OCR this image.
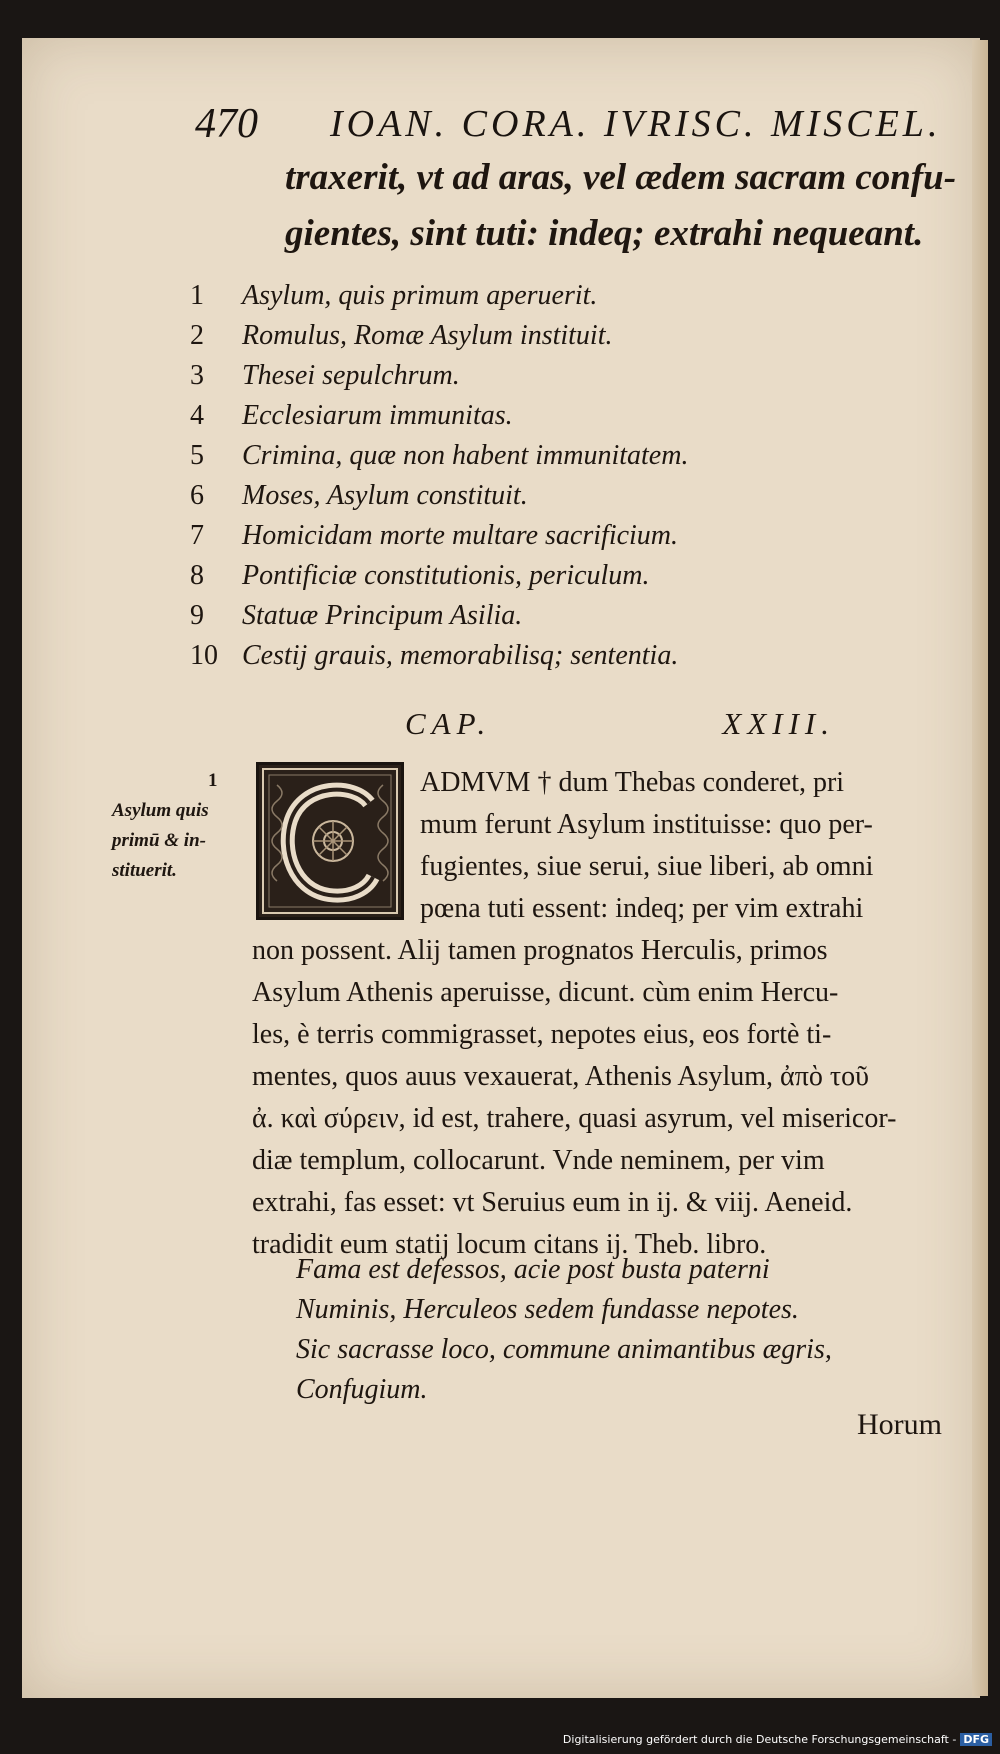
470 IOAN. CORA. IVRISC. MISCEL.
traxerit, vt ad aras, vel ædem sacram confu-
gientes, sint tuti: indeq; extrahi nequeant.
1 Asylum, quis primum aperuerit.
2 Romulus, Romæ Asylum instituit.
3 Thesei sepulchrum.
4 Ecclesiarum immunitas.
5 Crimina, quæ non habent immunitatem.
6 Moses, Asylum constituit.
7 Homicidam morte multare sacrificium.
8 Pontificiæ constitutionis, periculum.
9 Statuæ Principum Asilia.
10 Cestij grauis, memorabilisq; sententia.
CAP.	XXIII.
1
Asylum quis
primū & in-
stituerit.
ADMVM † dum Thebas conderet, pri
mum ferunt Asylum instituisse: quo per-
fugientes, siue serui, siue liberi, ab omni
pœna tuti essent: indeq; per vim extrahi
non possent. Alij tamen prognatos Herculis, primos
Asylum Athenis aperuisse, dicunt. cùm enim Hercu-
les, è terris commigrasset, nepotes eius, eos fortè ti-
mentes, quos auus vexauerat, Athenis Asylum, ἀπὸ τοῦ
ἀ. καὶ σύρειν, id est, trahere, quasi asyrum, vel misericor-
diæ templum, collocarunt. Vnde neminem, per vim
extrahi, fas esset: vt Seruius eum in ij. & viij. Aeneid.
tradidit eum statij locum citans ij. Theb. libro.
Fama est defessos, acie post busta paterni
Numinis, Herculeos sedem fundasse nepotes.
Sic sacrasse loco, commune animantibus ægris,
Confugium.
Horum
Digitalisierung gefördert durch die Deutsche Forschungsgemeinschaft - DFG
